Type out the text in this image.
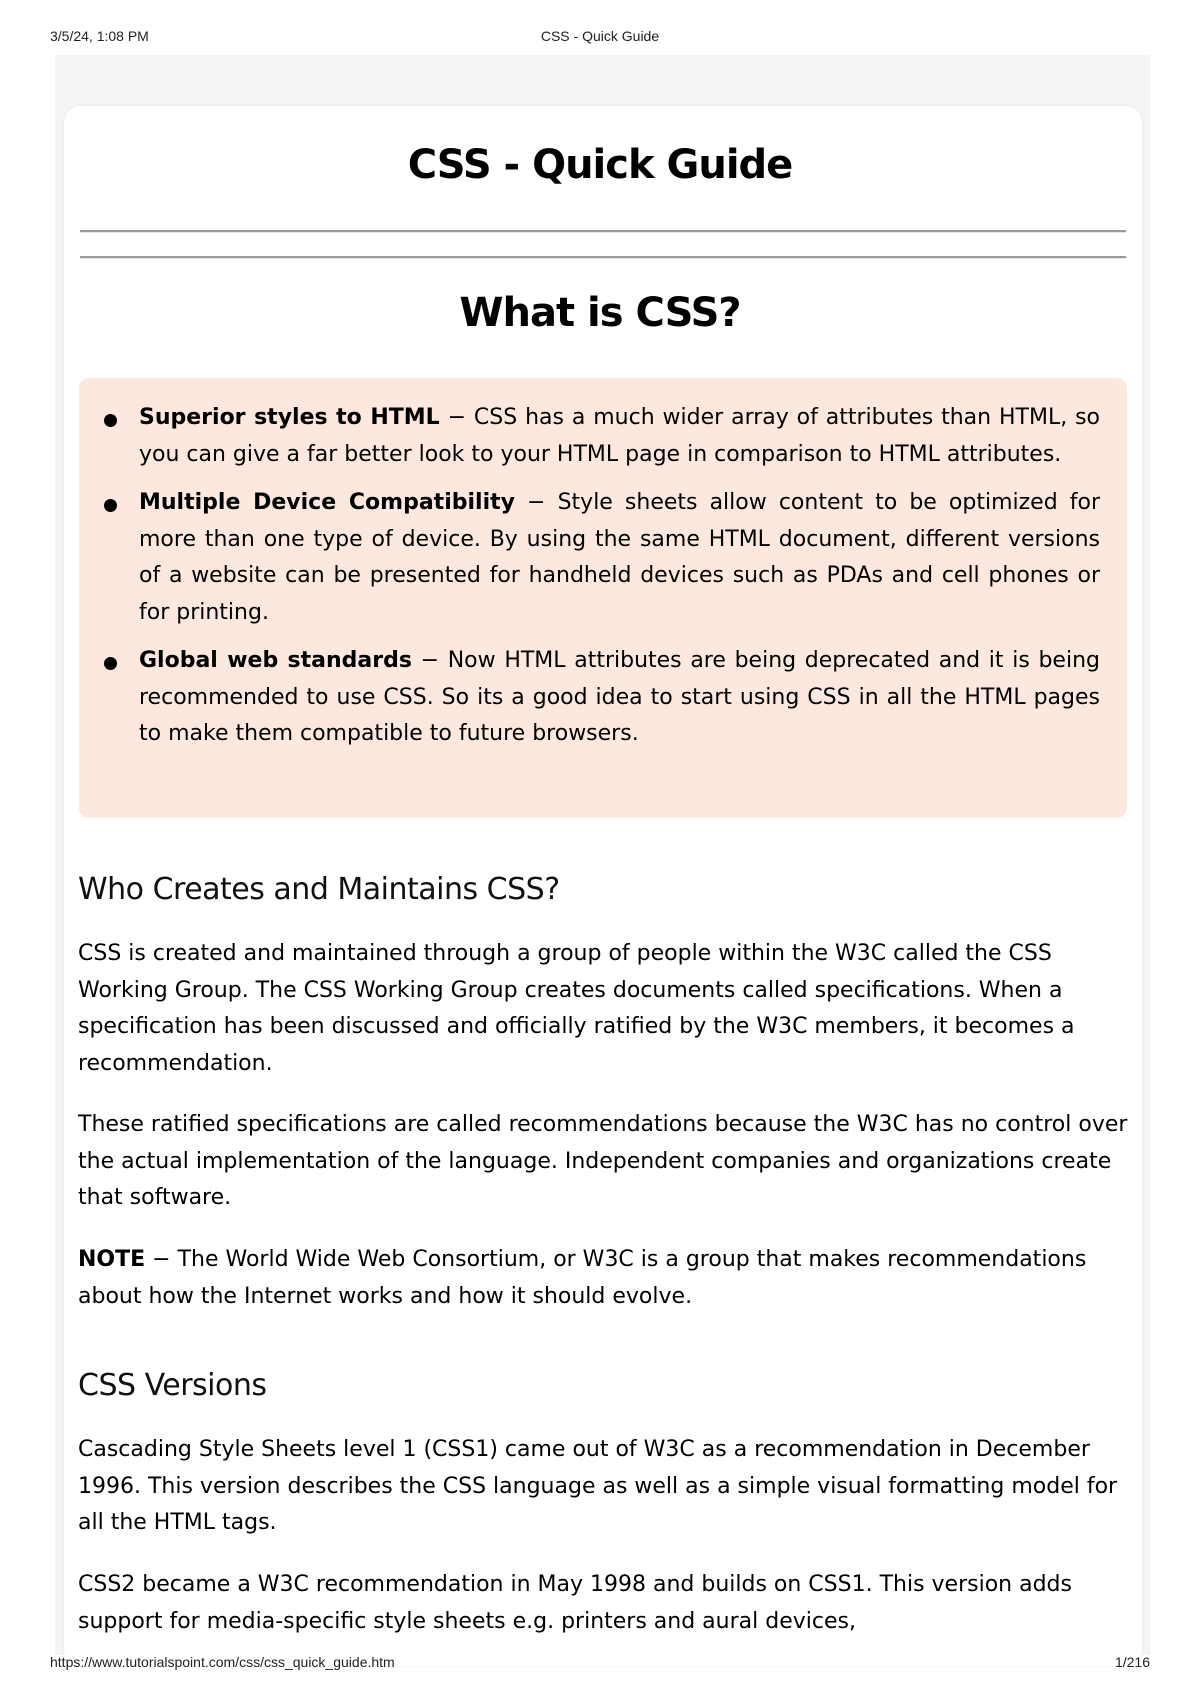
CSS - Quick Guide
3/5/24, 1:08 PM
CSS - Quick Guide
What is CSS?
Superior styles to HTML − CSS has a much wider array of attributes than HTML, so you can give a far better look to your HTML page in comparison to HTML attributes.
Multiple Device Compatibility − Style sheets allow content to be optimized for more than one type of device. By using the same HTML document, different versions of a website can be presented for handheld devices such as PDAs and cell phones or for printing.
Global web standards − Now HTML attributes are being deprecated and it is being recommended to use CSS. So its a good idea to start using CSS in all the HTML pages to make them compatible to future browsers.
Who Creates and Maintains CSS?
CSS is created and maintained through a group of people within the W3C called the CSS Working Group. The CSS Working Group creates documents called specifications. When a specification has been discussed and officially ratified by the W3C members, it becomes a recommendation.
These ratified specifications are called recommendations because the W3C has no control over the actual implementation of the language. Independent companies and organizations create that software.
NOTE − The World Wide Web Consortium, or W3C is a group that makes recommendations about how the Internet works and how it should evolve.
CSS Versions
Cascading Style Sheets level 1 (CSS1) came out of W3C as a recommendation in December 1996. This version describes the CSS language as well as a simple visual formatting model for all the HTML tags.
CSS2 became a W3C recommendation in May 1998 and builds on CSS1. This version adds support for media-specific style sheets e.g. printers and aural devices,
https://www.tutorialspoint.com/css/css_quick_guide.htm	1/216
